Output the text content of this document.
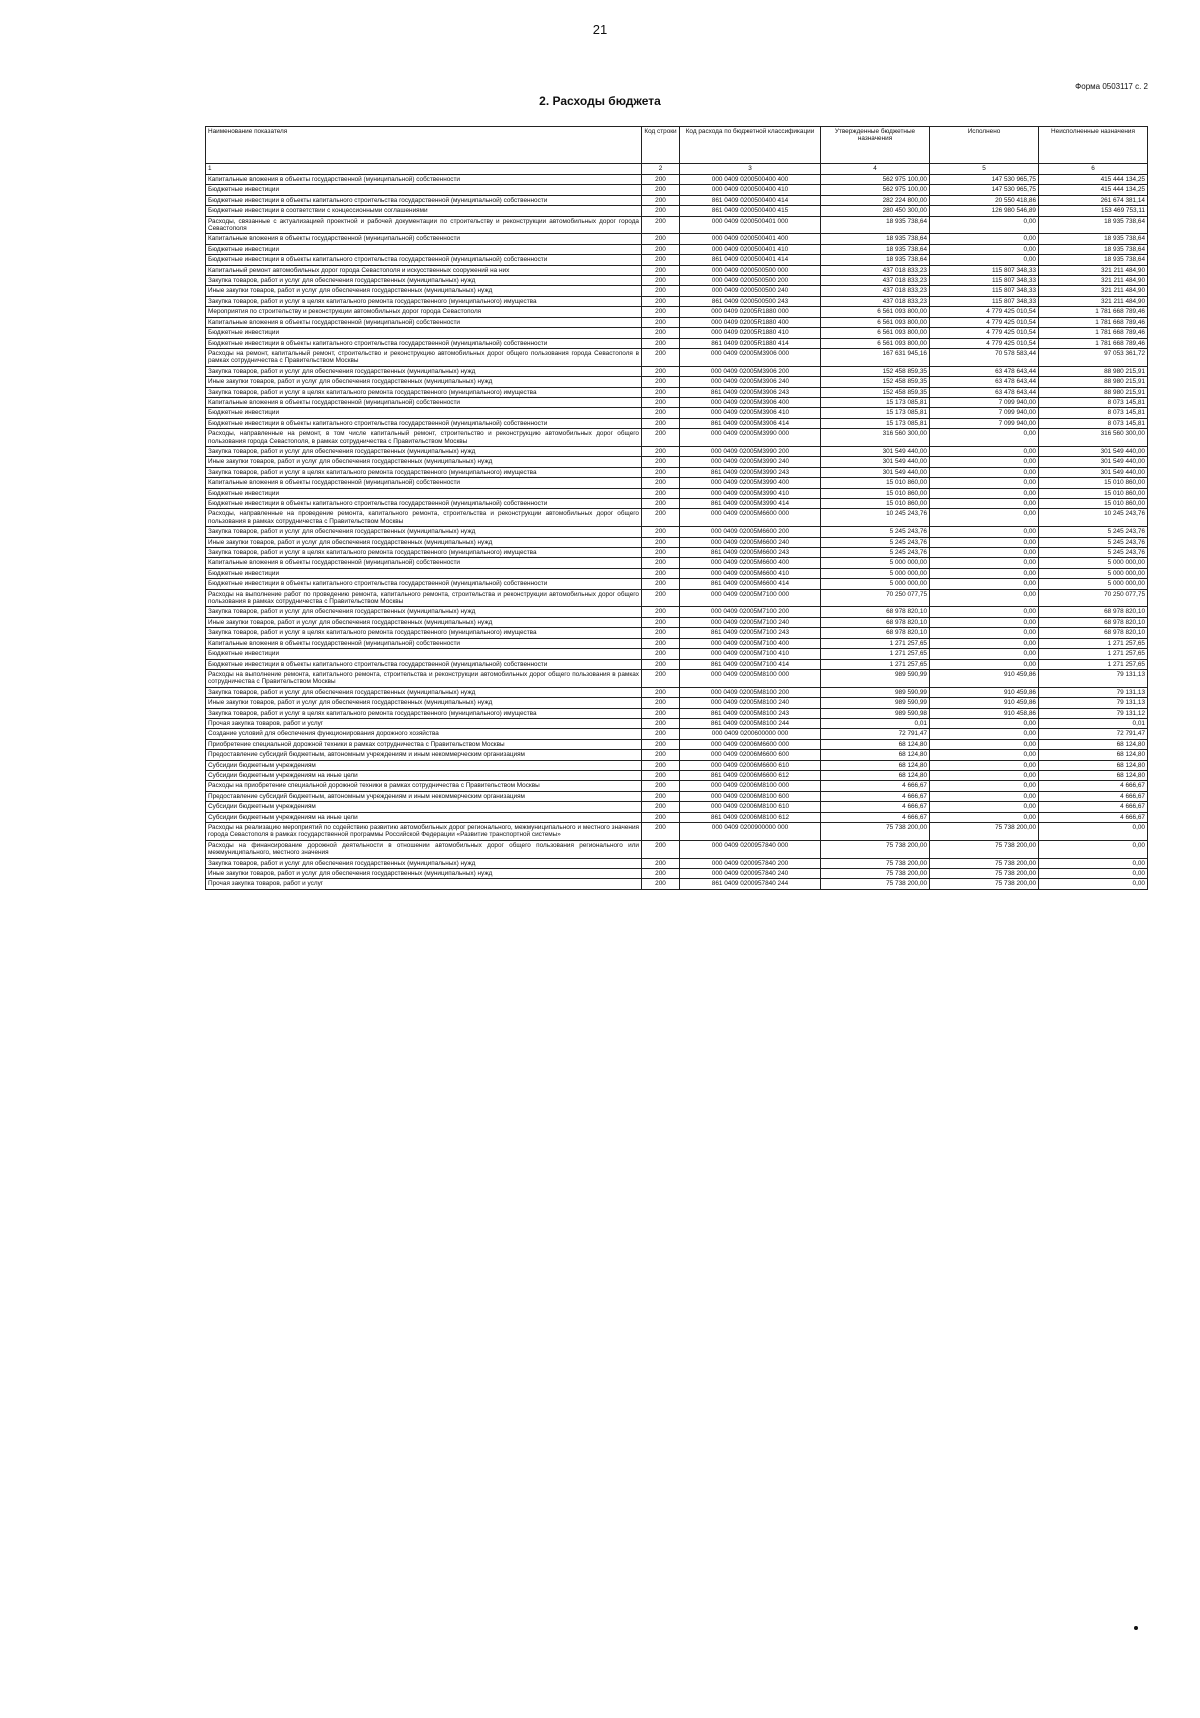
21
Форма 0503117 с. 2
2. Расходы бюджета
Наименование показателя	Код строки	Код расхода по бюджетной классификации	Утвержденные бюджетные назначения	Исполнено	Неисполненные назначения
1	2	3	4	5	6
Капитальные вложения в объекты государственной (муниципальной) собственности	200	000 0409 0200500400 400	562 975 100,00	147 530 965,75	415 444 134,25
Бюджетные инвестиции	200	000 0409 0200500400 410	562 975 100,00	147 530 965,75	415 444 134,25
Бюджетные инвестиции в объекты капитального строительства государственной (муниципальной) собственности	200	861 0409 0200500400 414	282 224 800,00	20 550 418,86	261 674 381,14
Бюджетные инвестиции в соответствии с концессионными соглашениями	200	861 0409 0200500400 415	280 450 300,00	126 980 546,89	153 469 753,11
Расходы, связанные с актуализацией проектной и рабочей документации по строительству и реконструкции автомобильных дорог города Севастополя	200	000 0409 0200500401 000	18 935 738,64	0,00	18 935 738,64
Капитальные вложения в объекты государственной (муниципальной) собственности	200	000 0409 0200500401 400	18 935 738,64	0,00	18 935 738,64
Бюджетные инвестиции	200	000 0409 0200500401 410	18 935 738,64	0,00	18 935 738,64
Бюджетные инвестиции в объекты капитального строительства государственной (муниципальной) собственности	200	861 0409 0200500401 414	18 935 738,64	0,00	18 935 738,64
Капитальный ремонт автомобильных дорог города Севастополя и искусственных сооружений на них	200	000 0409 0200500500 000	437 018 833,23	115 807 348,33	321 211 484,90
Закупка товаров, работ и услуг для обеспечения государственных (муниципальных) нужд	200	000 0409 0200500500 200	437 018 833,23	115 807 348,33	321 211 484,90
Иные закупки товаров, работ и услуг для обеспечения государственных (муниципальных) нужд	200	000 0409 0200500500 240	437 018 833,23	115 807 348,33	321 211 484,90
Закупка товаров, работ и услуг в целях капитального ремонта государственного (муниципального) имущества	200	861 0409 0200500500 243	437 018 833,23	115 807 348,33	321 211 484,90
Мероприятия по строительству и реконструкции автомобильных дорог города Севастополя	200	000 0409 02005R1880 000	6 561 093 800,00	4 779 425 010,54	1 781 668 789,46
Капитальные вложения в объекты государственной (муниципальной) собственности	200	000 0409 02005R1880 400	6 561 093 800,00	4 779 425 010,54	1 781 668 789,46
Бюджетные инвестиции	200	000 0409 02005R1880 410	6 561 093 800,00	4 779 425 010,54	1 781 668 789,46
Бюджетные инвестиции в объекты капитального строительства государственной (муниципальной) собственности	200	861 0409 02005R1880 414	6 561 093 800,00	4 779 425 010,54	1 781 668 789,46
Расходы на ремонт, капитальный ремонт, строительство и реконструкцию автомобильных дорог общего пользования города Севастополя в рамках сотрудничества с Правительством Москвы	200	000 0409 02005M3906 000	167 631 945,16	70 578 583,44	97 053 361,72
Закупка товаров, работ и услуг для обеспечения государственных (муниципальных) нужд	200	000 0409 02005M3906 200	152 458 859,35	63 478 643,44	88 980 215,91
Иные закупки товаров, работ и услуг для обеспечения государственных (муниципальных) нужд	200	000 0409 02005M3906 240	152 458 859,35	63 478 643,44	88 980 215,91
Закупка товаров, работ и услуг в целях капитального ремонта государственного (муниципального) имущества	200	861 0409 02005M3906 243	152 458 859,35	63 478 643,44	88 980 215,91
Капитальные вложения в объекты государственной (муниципальной) собственности	200	000 0409 02005M3906 400	15 173 085,81	7 099 940,00	8 073 145,81
Бюджетные инвестиции	200	000 0409 02005M3906 410	15 173 085,81	7 099 940,00	8 073 145,81
Бюджетные инвестиции в объекты капитального строительства государственной (муниципальной) собственности	200	861 0409 02005M3906 414	15 173 085,81	7 099 940,00	8 073 145,81
Расходы, направленные на ремонт, в том числе капитальный ремонт, строительство и реконструкцию автомобильных дорог общего пользования города Севастополя, в рамках сотрудничества с Правительством Москвы	200	000 0409 02005M3990 000	316 560 300,00	0,00	316 560 300,00
Закупка товаров, работ и услуг для обеспечения государственных (муниципальных) нужд	200	000 0409 02005M3990 200	301 549 440,00	0,00	301 549 440,00
Иные закупки товаров, работ и услуг для обеспечения государственных (муниципальных) нужд	200	000 0409 02005M3990 240	301 549 440,00	0,00	301 549 440,00
Закупка товаров, работ и услуг в целях капитального ремонта государственного (муниципального) имущества	200	861 0409 02005M3990 243	301 549 440,00	0,00	301 549 440,00
Капитальные вложения в объекты государственной (муниципальной) собственности	200	000 0409 02005M3990 400	15 010 860,00	0,00	15 010 860,00
Бюджетные инвестиции	200	000 0409 02005M3990 410	15 010 860,00	0,00	15 010 860,00
Бюджетные инвестиции в объекты капитального строительства государственной (муниципальной) собственности	200	861 0409 02005M3990 414	15 010 860,00	0,00	15 010 860,00
Расходы, направленные на проведение ремонта, капитального ремонта, строительства и реконструкции автомобильных дорог общего пользования в рамках сотрудничества с Правительством Москвы	200	000 0409 02005M6600 000	10 245 243,76	0,00	10 245 243,76
Закупка товаров, работ и услуг для обеспечения государственных (муниципальных) нужд	200	000 0409 02005M6600 200	5 245 243,76	0,00	5 245 243,76
Иные закупки товаров, работ и услуг для обеспечения государственных (муниципальных) нужд	200	000 0409 02005M6600 240	5 245 243,76	0,00	5 245 243,76
Закупка товаров, работ и услуг в целях капитального ремонта государственного (муниципального) имущества	200	861 0409 02005M6600 243	5 245 243,76	0,00	5 245 243,76
Капитальные вложения в объекты государственной (муниципальной) собственности	200	000 0409 02005M6600 400	5 000 000,00	0,00	5 000 000,00
Бюджетные инвестиции	200	000 0409 02005M6600 410	5 000 000,00	0,00	5 000 000,00
Бюджетные инвестиции в объекты капитального строительства государственной (муниципальной) собственности	200	861 0409 02005M6600 414	5 000 000,00	0,00	5 000 000,00
Расходы на выполнение работ по проведению ремонта, капитального ремонта, строительства и реконструкции автомобильных дорог общего пользования в рамках сотрудничества с Правительством Москвы	200	000 0409 02005M7100 000	70 250 077,75	0,00	70 250 077,75
Закупка товаров, работ и услуг для обеспечения государственных (муниципальных) нужд	200	000 0409 02005M7100 200	68 978 820,10	0,00	68 978 820,10
Иные закупки товаров, работ и услуг для обеспечения государственных (муниципальных) нужд	200	000 0409 02005M7100 240	68 978 820,10	0,00	68 978 820,10
Закупка товаров, работ и услуг в целях капитального ремонта государственного (муниципального) имущества	200	861 0409 02005M7100 243	68 978 820,10	0,00	68 978 820,10
Капитальные вложения в объекты государственной (муниципальной) собственности	200	000 0409 02005M7100 400	1 271 257,65	0,00	1 271 257,65
Бюджетные инвестиции	200	000 0409 02005M7100 410	1 271 257,65	0,00	1 271 257,65
Бюджетные инвестиции в объекты капитального строительства государственной (муниципальной) собственности	200	861 0409 02005M7100 414	1 271 257,65	0,00	1 271 257,65
Расходы на выполнение ремонта, капитального ремонта, строительства и реконструкции автомобильных дорог общего пользования в рамках сотрудничества с Правительством Москвы	200	000 0409 02005M8100 000	989 590,99	910 459,86	79 131,13
Закупка товаров, работ и услуг для обеспечения государственных (муниципальных) нужд	200	000 0409 02005M8100 200	989 590,99	910 459,86	79 131,13
Иные закупки товаров, работ и услуг для обеспечения государственных (муниципальных) нужд	200	000 0409 02005M8100 240	989 590,99	910 459,86	79 131,13
Закупка товаров, работ и услуг в целях капитального ремонта государственного (муниципального) имущества	200	861 0409 02005M8100 243	989 590,98	910 458,86	79 131,12
Прочая закупка товаров, работ и услуг	200	861 0409 02005M8100 244	0,01	0,00	0,01
Создание условий для обеспечения функционирования дорожного хозяйства	200	000 0409 0200600000 000	72 791,47	0,00	72 791,47
Приобретение специальной дорожной техники в рамках сотрудничества с Правительством Москвы	200	000 0409 02006M6600 000	68 124,80	0,00	68 124,80
Предоставление субсидий бюджетным, автономным учреждениям и иным некоммерческим организациям	200	000 0409 02006M6600 600	68 124,80	0,00	68 124,80
Субсидии бюджетным учреждениям	200	000 0409 02006M6600 610	68 124,80	0,00	68 124,80
Субсидии бюджетным учреждениям на иные цели	200	861 0409 02006M6600 612	68 124,80	0,00	68 124,80
Расходы на приобретение специальной дорожной техники в рамках сотрудничества с Правительством Москвы	200	000 0409 02006M8100 000	4 666,67	0,00	4 666,67
Предоставление субсидий бюджетным, автономным учреждениям и иным некоммерческим организациям	200	000 0409 02006M8100 600	4 666,67	0,00	4 666,67
Субсидии бюджетным учреждениям	200	000 0409 02006M8100 610	4 666,67	0,00	4 666,67
Субсидии бюджетным учреждениям на иные цели	200	861 0409 02006M8100 612	4 666,67	0,00	4 666,67
Расходы на реализацию мероприятий по содействию развитию автомобильных дорог регионального, межмуниципального и местного значения города Севастополя в рамках государственной программы Российской Федерации «Развитие транспортной системы»	200	000 0409 0200900000 000	75 738 200,00	75 738 200,00	0,00
Расходы на финансирование дорожной деятельности в отношении автомобильных дорог общего пользования регионального или межмуниципального, местного значения	200	000 0409 0200957840 000	75 738 200,00	75 738 200,00	0,00
Закупка товаров, работ и услуг для обеспечения государственных (муниципальных) нужд	200	000 0409 0200957840 200	75 738 200,00	75 738 200,00	0,00
Иные закупки товаров, работ и услуг для обеспечения государственных (муниципальных) нужд	200	000 0409 0200957840 240	75 738 200,00	75 738 200,00	0,00
Прочая закупка товаров, работ и услуг	200	861 0409 0200957840 244	75 738 200,00	75 738 200,00	0,00
